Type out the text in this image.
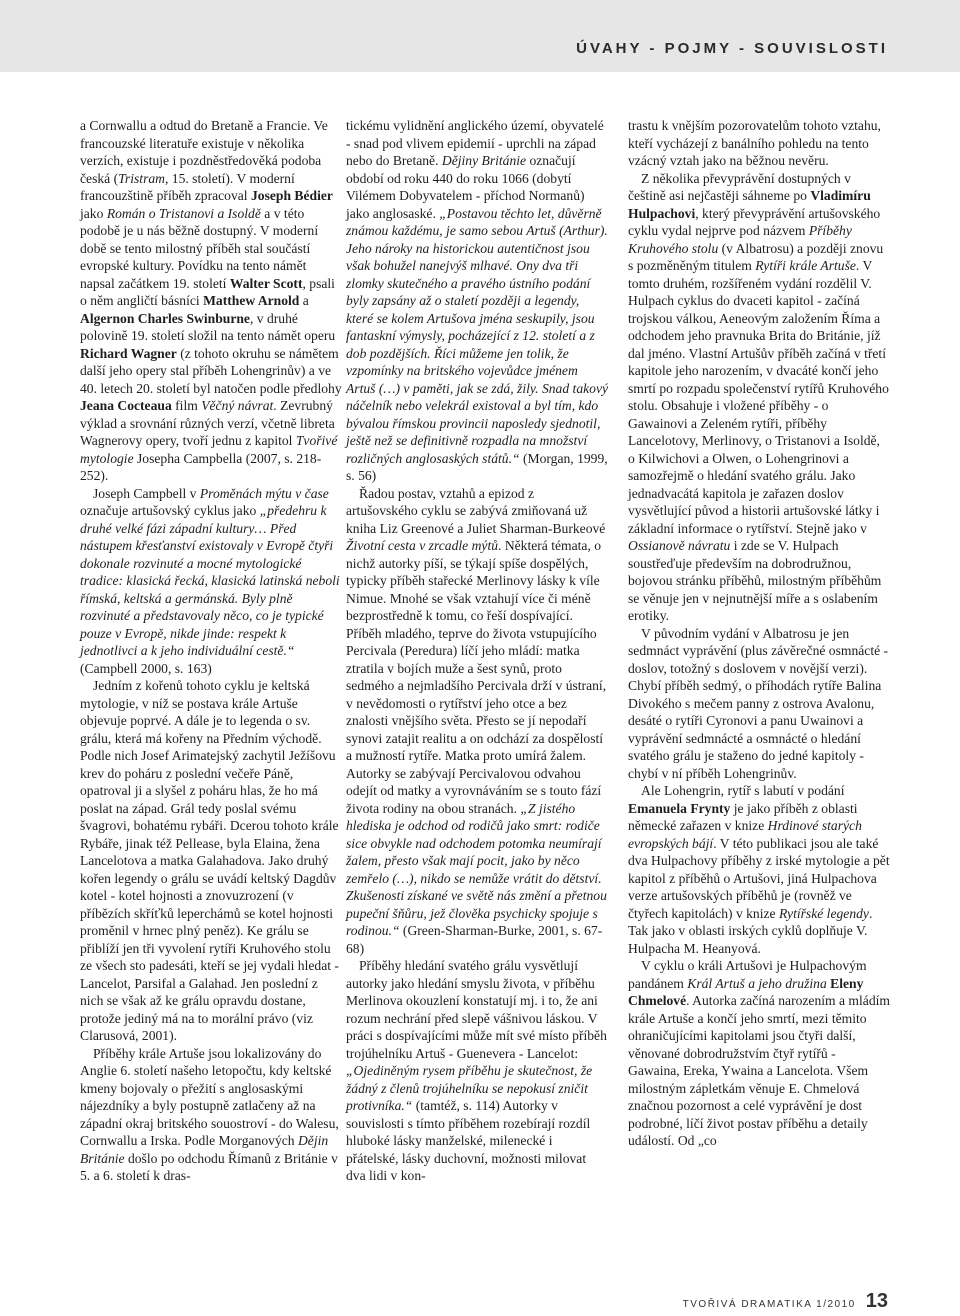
ÚVAHY - POJMY - SOUVISLOSTI

a Cornwallu a odtud do Bretaně a Francie. Ve francouzské literatuře existuje v několika verzích, existuje i pozdněstředověká podoba česká (Tristram, 15. století). V moderní francouzštině příběh zpracoval Joseph Bédier jako Román o Tristanovi a Isoldě a v této podobě je u nás běžně dostupný. V moderní době se tento milostný příběh stal součástí evropské kultury. Povídku na tento námět napsal začátkem 19. století Walter Scott, psali o něm angličtí básníci Matthew Arnold a Algernon Charles Swinburne, v druhé polovině 19. století složil na tento námět operu Richard Wagner (z tohoto okruhu se námětem další jeho opery stal příběh Lohengrinův) a ve 40. letech 20. století byl natočen podle předlohy Jeana Cocteaua film Věčný návrat. Zevrubný výklad a srovnání různých verzí, včetně libreta Wagnerovy opery, tvoří jednu z kapitol Tvořivé mytologie Josepha Campbella (2007, s. 218-252).

Joseph Campbell v Proměnách mýtu v čase označuje artušovský cyklus jako „předehru k druhé velké fázi západní kultury… Před nástupem křesťanství existovaly v Evropě čtyři dokonale rozvinuté a mocné mytologické tradice: klasická řecká, klasická latinská neboli římská, keltská a germánská. Byly plně rozvinuté a představovaly něco, co je typické pouze v Evropě, nikde jinde: respekt k jednotlivci a k jeho individuální cestě.“ (Campbell 2000, s. 163)

Jedním z kořenů tohoto cyklu je keltská mytologie, v níž se postava krále Artuše objevuje poprvé. A dále je to legenda o sv. grálu, která má kořeny na Předním východě. Podle nich Josef Arimatejský zachytil Ježíšovu krev do poháru z poslední večeře Páně, opatroval ji a slyšel z poháru hlas, že ho má poslat na západ. Grál tedy poslal svému švagrovi, bohatému rybáři. Dcerou tohoto krále Rybáře, jinak též Pellease, byla Elaina, žena Lancelotova a matka Galahadova. Jako druhý kořen legendy o grálu se uvádí keltský Dagdův kotel - kotel hojnosti a znovuzrození (v příbězích skříťků leperchámů se kotel hojnosti proměnil v hrnec plný peněz). Ke grálu se přiblíží jen tři vyvolení rytíři Kruhového stolu ze všech sto padesáti, kteří se jej vydali hledat - Lancelot, Parsifal a Galahad. Jen poslední z nich se však až ke grálu opravdu dostane, protože jediný má na to morální právo (viz Clarusová, 2001).

Příběhy krále Artuše jsou lokalizovány do Anglie 6. století našeho letopočtu, kdy keltské kmeny bojovaly o přežití s anglosaskými nájezdníky a byly postupně zatlačeny až na západní okraj britského souostroví - do Walesu, Cornwallu a Irska. Podle Morganových Dějin Británie došlo po odchodu Římanů z Británie v 5. a 6. století k dras-

tickému vylidnění anglického území, obyvatelé - snad pod vlivem epidemií - uprchli na západ nebo do Bretaně. Dějiny Británie označují období od roku 440 do roku 1066 (dobytí Vilémem Dobyvatelem - příchod Normanů) jako anglosaské. „Postavou těchto let, důvěrně známou každému, je samo sebou Artuš (Arthur). Jeho nároky na historickou autentičnost jsou však bohužel nanejvýš mlhavé. Ony dva tři zlomky skutečného a pravého ústního podání byly zapsány až o staletí později a legendy, které se kolem Artušova jména seskupily, jsou fantaskní výmysly, pocházející z 12. století a z dob pozdějších. Říci můžeme jen tolik, že vzpomínky na britského vojevůdce jménem Artuš (…) v paměti, jak se zdá, žily. Snad takový náčelník nebo velekrál existoval a byl tím, kdo bývalou římskou provincii naposledy sjednotil, ještě než se definitivně rozpadla na množství rozličných anglosaských států.“ (Morgan, 1999, s. 56)

Řadou postav, vztahů a epizod z artušovského cyklu se zabývá zmiňovaná už kniha Liz Greenové a Juliet Sharman-Burkeové Životní cesta v zrcadle mýtů. Některá témata, o nichž autorky píší, se týkají spíše dospělých, typicky příběh stařecké Merlinovy lásky k víle Nimue. Mnohé se však vztahují více či méně bezprostředně k tomu, co řeší dospívající. Příběh mladého, teprve do života vstupujícího Percivala (Peredura) líčí jeho mládí: matka ztratila v bojích muže a šest synů, proto sedmého a nejmladšího Percivala drží v ústraní, v nevědomosti o rytířství jeho otce a bez znalosti vnějšího světa. Přesto se jí nepodaří synovi zatajit realitu a on odchází za dospělostí a mužností rytíře. Matka proto umírá žalem. Autorky se zabývají Percivalovou odvahou odejít od matky a vyrovnáváním se s touto fází života rodiny na obou stranách. „Z jistého hlediska je odchod od rodičů jako smrt: rodiče sice obvykle nad odchodem potomka neumírají žalem, přesto však mají pocit, jako by něco zemřelo (…), nikdo se nemůže vrátit do dětství. Zkušenosti získané ve světě nás změní a přetnou pupeční šňůru, jež člověka psychicky spojuje s rodinou.“ (Green-Sharman-Burke, 2001, s. 67-68)

Příběhy hledání svatého grálu vysvětlují autorky jako hledání smyslu života, v příběhu Merlinova okouzlení konstatují mj. i to, že ani rozum nechrání před slepě vášnivou láskou. V práci s dospívajícími může mít své místo příběh trojúhelníku Artuš - Guenevera - Lancelot: „Ojediněným rysem příběhu je skutečnost, že žádný z členů trojúhelníku se nepokusí zničit protivníka.“ (tamtéž, s. 114) Autorky v souvislosti s tímto příběhem rozebírají rozdíl hluboké lásky manželské, milenecké i přátelské, lásky duchovní, možnosti milovat dva lidi v kon-

trastu k vnějším pozorovatelům tohoto vztahu, kteří vycházejí z banálního pohledu na tento vzácný vztah jako na běžnou nevěru.

Z několika převyprávění dostupných v češtině asi nejčastěji sáhneme po Vladimíru Hulpachovi, který převyprávění artušovského cyklu vydal nejprve pod názvem Příběhy Kruhového stolu (v Albatrosu) a později znovu s pozměněným titulem Rytíři krále Artuše. V tomto druhém, rozšířeném vydání rozdělil V. Hulpach cyklus do dvaceti kapitol - začíná trojskou válkou, Aeneovým založením Říma a odchodem jeho pravnuka Brita do Británie, jíž dal jméno. Vlastní Artušův příběh začíná v třetí kapitole jeho narozením, v dvacáté končí jeho smrtí po rozpadu společenství rytířů Kruhového stolu. Obsahuje i vložené příběhy - o Gawainovi a Zeleném rytíři, příběhy Lancelotovy, Merlinovy, o Tristanovi a Isoldě, o Kilwichovi a Olwen, o Lohengrinovi a samozřejmě o hledání svatého grálu. Jako jednadvacátá kapitola je zařazen doslov vysvětlující původ a historii artušovské látky i základní informace o rytířství. Stejně jako v Ossianově návratu i zde se V. Hulpach soustřeďuje především na dobrodružnou, bojovou stránku příběhů, milostným příběhům se věnuje jen v nejnutnější míře a s oslabením erotiky.

V původním vydání v Albatrosu je jen sedmnáct vyprávění (plus závěrečné osmnácté - doslov, totožný s doslovem v novější verzi). Chybí příběh sedmý, o příhodách rytíře Balina Divokého s mečem panny z ostrova Avalonu, desáté o rytíři Cyronovi a panu Uwainovi a vyprávění sedmnácté a osmnácté o hledání svatého grálu je staženo do jedné kapitoly - chybí v ní příběh Lohengrinův.

Ale Lohengrin, rytíř s labutí v podání Emanuela Frynty je jako příběh z oblasti německé zařazen v knize Hrdinové starých evropských bájí. V této publikaci jsou ale také dva Hulpachovy příběhy z irské mytologie a pět kapitol z příběhů o Artušovi, jiná Hulpachova verze artušovských příběhů je (rovněž ve čtyřech kapitolách) v knize Rytířské legendy. Tak jako v oblasti irských cyklů doplňuje V. Hulpacha M. Heanyová.

V cyklu o králi Artušovi je Hulpachovým pandánem Král Artuš a jeho družina Eleny Chmelové. Autorka začíná narozením a mládím krále Artuše a končí jeho smrtí, mezi těmito ohraničujícími kapitolami jsou čtyři další, věnované dobrodružstvím čtyř rytířů - Gawaina, Ereka, Ywaina a Lancelota. Všem milostným zápletkám věnuje E. Chmelová značnou pozornost a celé vyprávění je dost podrobné, líčí život postav příběhu a detaily událostí. Od „co

TVOŘIVÁ DRAMATIKA 1/2010 13
